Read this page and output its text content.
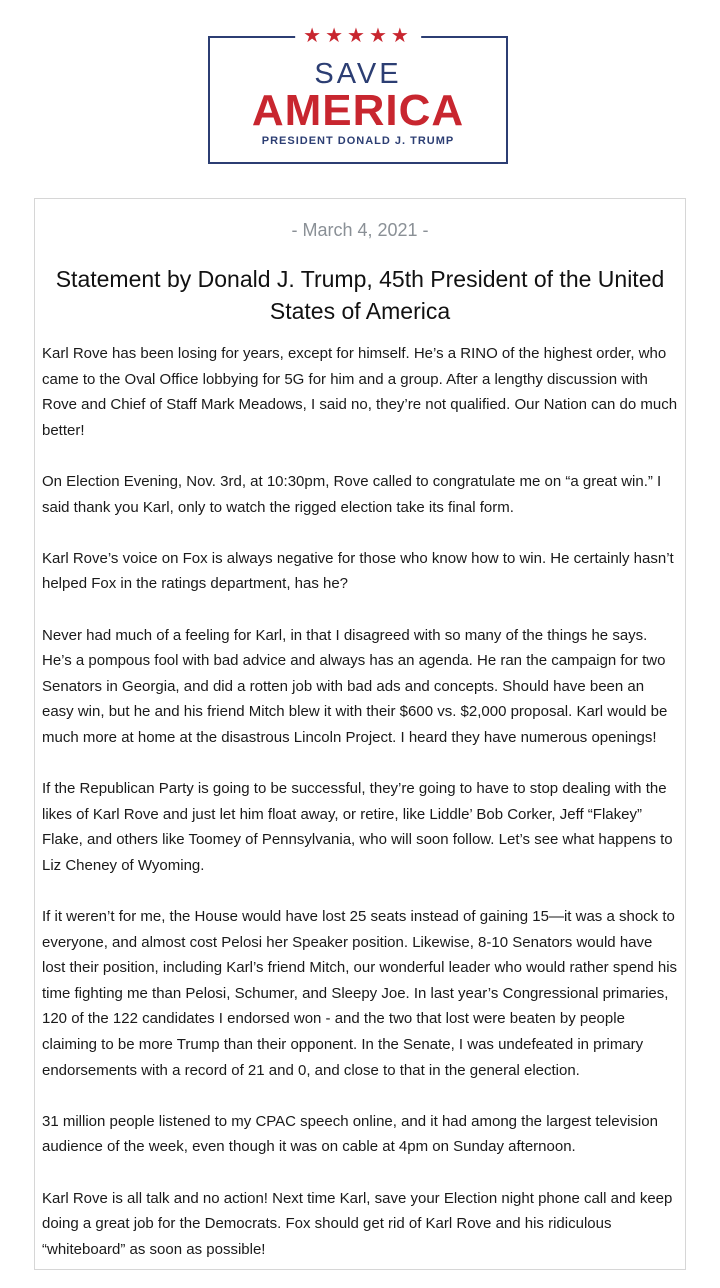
★★★★★
SAVE
AMERICA
PRESIDENT DONALD J. TRUMP
- March 4, 2021 -
Statement by Donald J. Trump, 45th President of the United States of America

Karl Rove has been losing for years, except for himself. He’s a RINO of the highest order, who came to the Oval Office lobbying for 5G for him and a group. After a lengthy discussion with Rove and Chief of Staff Mark Meadows, I said no, they’re not qualified. Our Nation can do much better!

On Election Evening, Nov. 3rd, at 10:30pm, Rove called to congratulate me on “a great win.” I said thank you Karl, only to watch the rigged election take its final form.

Karl Rove’s voice on Fox is always negative for those who know how to win. He certainly hasn’t helped Fox in the ratings department, has he?

Never had much of a feeling for Karl, in that I disagreed with so many of the things he says. He’s a pompous fool with bad advice and always has an agenda. He ran the campaign for two Senators in Georgia, and did a rotten job with bad ads and concepts. Should have been an easy win, but he and his friend Mitch blew it with their $600 vs. $2,000 proposal. Karl would be much more at home at the disastrous Lincoln Project. I heard they have numerous openings!

If the Republican Party is going to be successful, they’re going to have to stop dealing with the likes of Karl Rove and just let him float away, or retire, like Liddle’ Bob Corker, Jeff “Flakey” Flake, and others like Toomey of Pennsylvania, who will soon follow. Let’s see what happens to Liz Cheney of Wyoming.

If it weren’t for me, the House would have lost 25 seats instead of gaining 15—it was a shock to everyone, and almost cost Pelosi her Speaker position. Likewise, 8-10 Senators would have lost their position, including Karl’s friend Mitch, our wonderful leader who would rather spend his time fighting me than Pelosi, Schumer, and Sleepy Joe. In last year’s Congressional primaries, 120 of the 122 candidates I endorsed won - and the two that lost were beaten by people claiming to be more Trump than their opponent. In the Senate, I was undefeated in primary endorsements with a record of 21 and 0, and close to that in the general election.

31 million people listened to my CPAC speech online, and it had among the largest television audience of the week, even though it was on cable at 4pm on Sunday afternoon.

Karl Rove is all talk and no action! Next time Karl, save your Election night phone call and keep doing a great job for the Democrats. Fox should get rid of Karl Rove and his ridiculous “whiteboard” as soon as possible!
